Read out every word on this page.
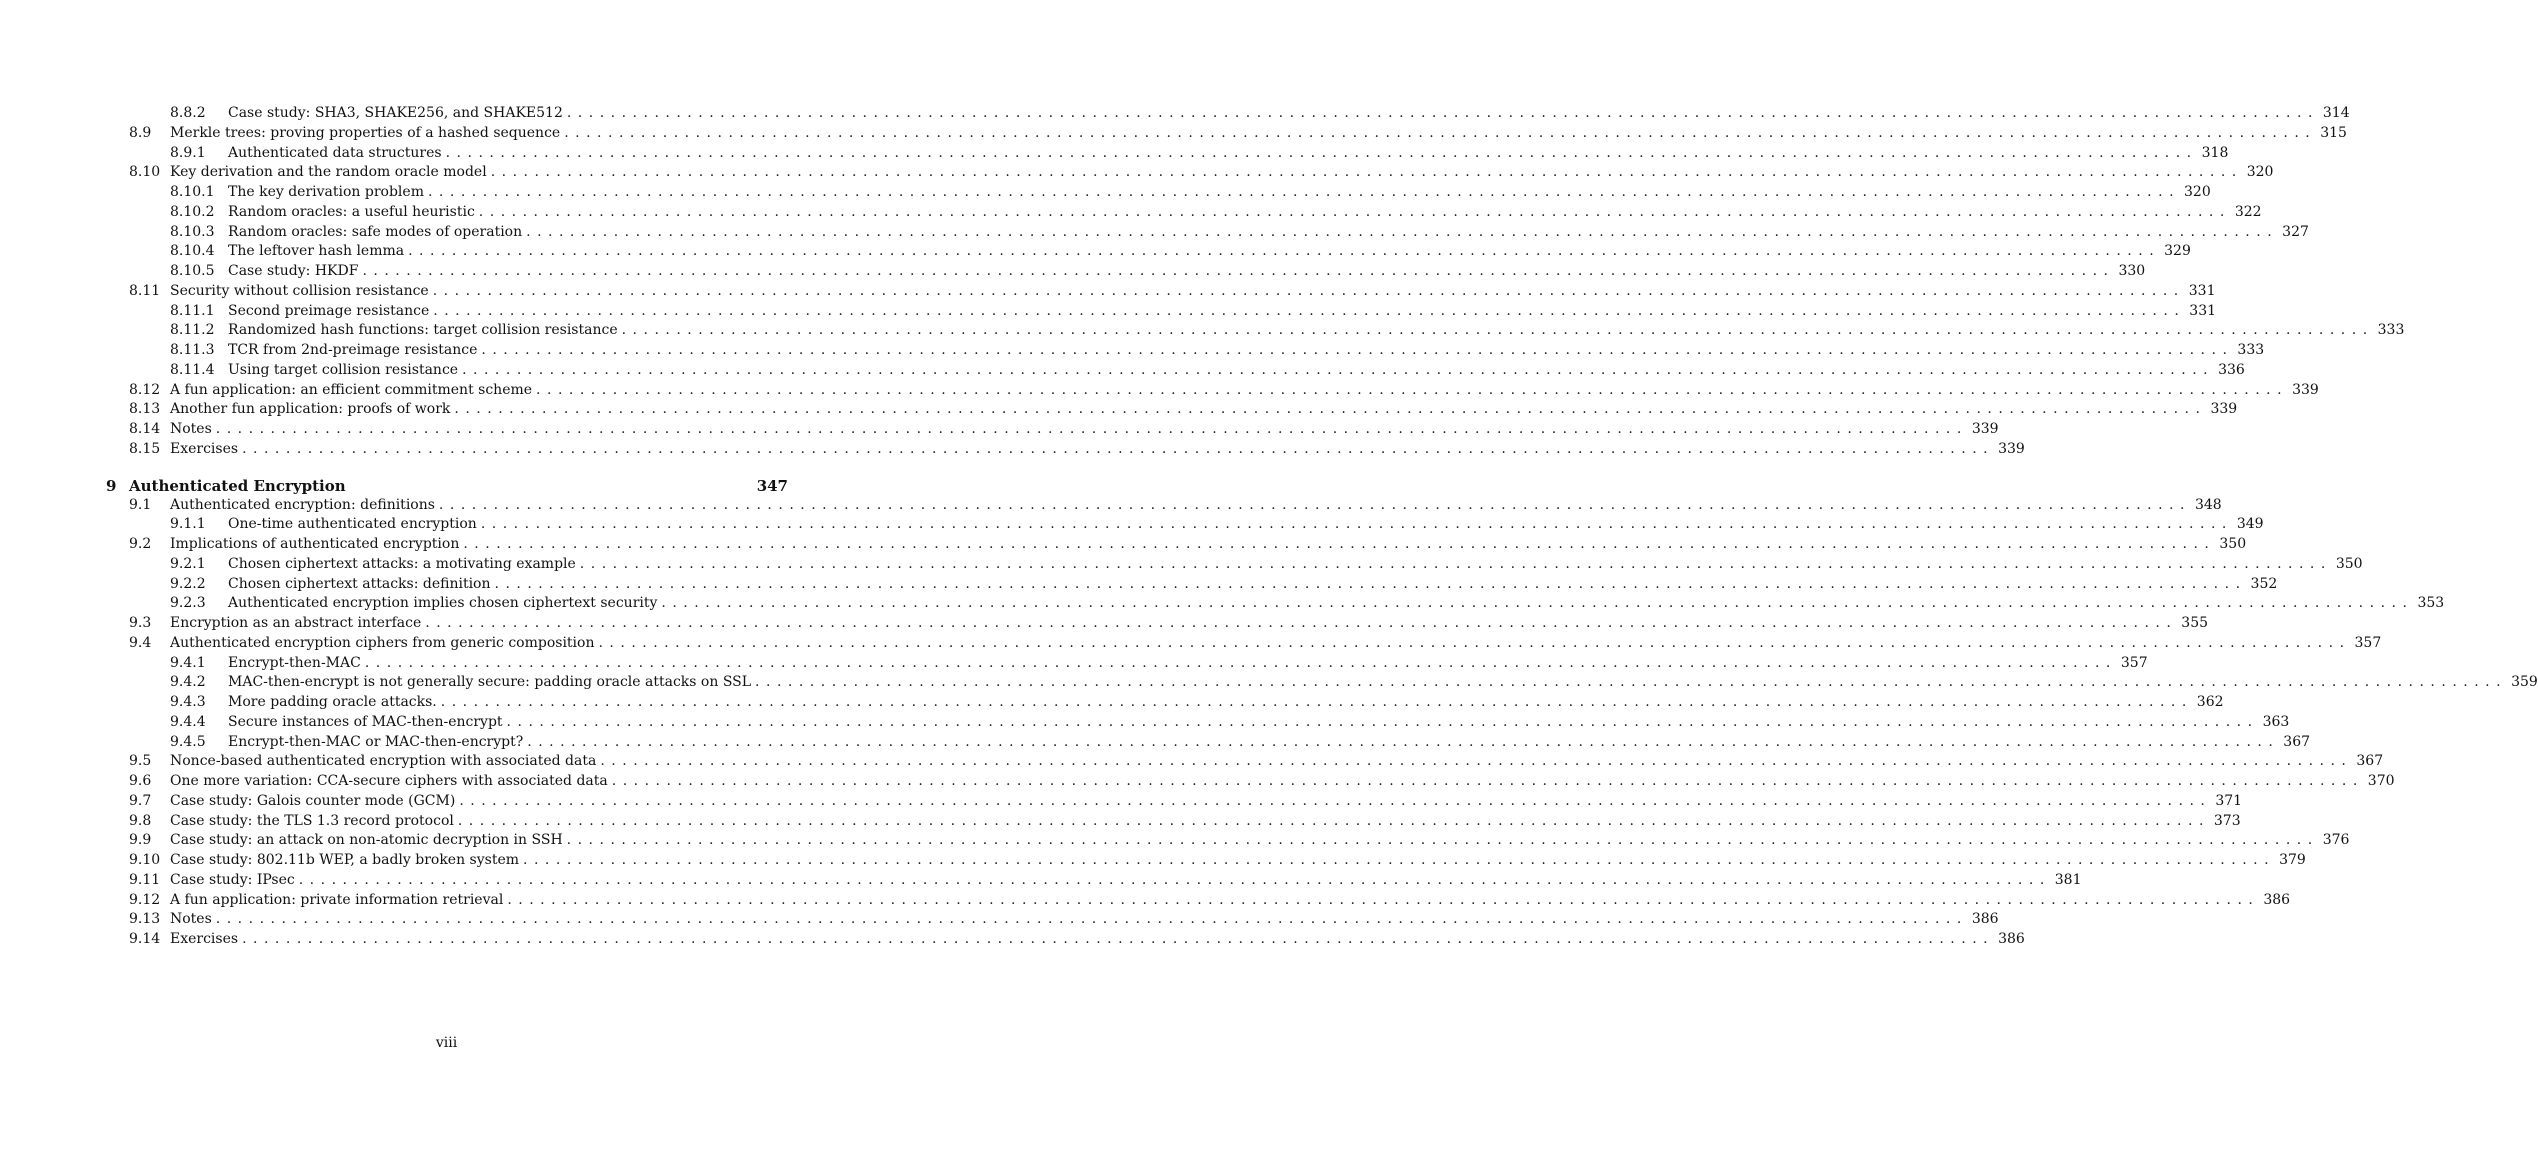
8.8.2 Case study: SHA3, SHAKE256, and SHAKE512 ................................................................................................................................................................ 314
8.9 Merkle trees: proving properties of a hashed sequence ................................................................................................................................................................ 315
8.9.1 Authenticated data structures ................................................................................................................................................................ 318
8.10 Key derivation and the random oracle model ................................................................................................................................................................ 320
8.10.1 The key derivation problem ................................................................................................................................................................ 320
8.10.2 Random oracles: a useful heuristic ................................................................................................................................................................ 322
8.10.3 Random oracles: safe modes of operation ................................................................................................................................................................ 327
8.10.4 The leftover hash lemma ................................................................................................................................................................ 329
8.10.5 Case study: HKDF ................................................................................................................................................................ 330
8.11 Security without collision resistance ................................................................................................................................................................ 331
8.11.1 Second preimage resistance ................................................................................................................................................................ 331
8.11.2 Randomized hash functions: target collision resistance ................................................................................................................................................................ 333
8.11.3 TCR from 2nd-preimage resistance ................................................................................................................................................................ 333
8.11.4 Using target collision resistance ................................................................................................................................................................ 336
8.12 A fun application: an efficient commitment scheme ................................................................................................................................................................ 339
8.13 Another fun application: proofs of work ................................................................................................................................................................ 339
8.14 Notes ................................................................................................................................................................ 339
8.15 Exercises ................................................................................................................................................................ 339
9 Authenticated Encryption	347
9.1 Authenticated encryption: definitions ................................................................................................................................................................ 348
9.1.1 One-time authenticated encryption ................................................................................................................................................................ 349
9.2 Implications of authenticated encryption ................................................................................................................................................................ 350
9.2.1 Chosen ciphertext attacks: a motivating example ................................................................................................................................................................ 350
9.2.2 Chosen ciphertext attacks: definition ................................................................................................................................................................ 352
9.2.3 Authenticated encryption implies chosen ciphertext security ................................................................................................................................................................ 353
9.3 Encryption as an abstract interface ................................................................................................................................................................ 355
9.4 Authenticated encryption ciphers from generic composition ................................................................................................................................................................ 357
9.4.1 Encrypt-then-MAC ................................................................................................................................................................ 357
9.4.2 MAC-then-encrypt is not generally secure: padding oracle attacks on SSL ................................................................................................................................................................ 359
9.4.3 More padding oracle attacks. ................................................................................................................................................................ 362
9.4.4 Secure instances of MAC-then-encrypt ................................................................................................................................................................ 363
9.4.5 Encrypt-then-MAC or MAC-then-encrypt? ................................................................................................................................................................ 367
9.5 Nonce-based authenticated encryption with associated data ................................................................................................................................................................ 367
9.6 One more variation: CCA-secure ciphers with associated data ................................................................................................................................................................ 370
9.7 Case study: Galois counter mode (GCM) ................................................................................................................................................................ 371
9.8 Case study: the TLS 1.3 record protocol ................................................................................................................................................................ 373
9.9 Case study: an attack on non-atomic decryption in SSH ................................................................................................................................................................ 376
9.10 Case study: 802.11b WEP, a badly broken system ................................................................................................................................................................ 379
9.11 Case study: IPsec ................................................................................................................................................................ 381
9.12 A fun application: private information retrieval ................................................................................................................................................................ 386
9.13 Notes ................................................................................................................................................................ 386
9.14 Exercises ................................................................................................................................................................ 386
viii
